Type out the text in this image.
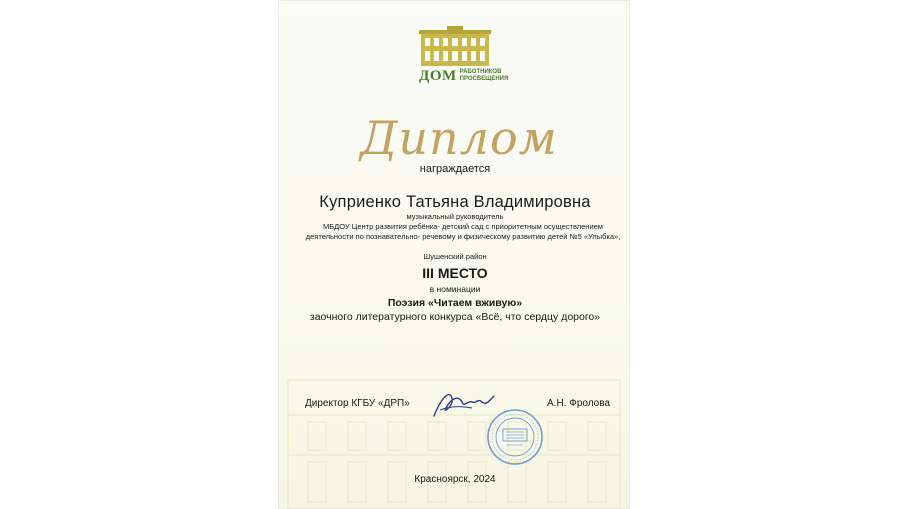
ДОМ РАБОТНИКОВ
ПРОСВЕЩЕНИЯ
Диплом
награждается
Куприенко Татьяна Владимировна
музыкальный руководитель
МБДОУ Центр развития ребёнка- детский сад с приоритетным осуществлением деятельности по познавательно- речевому и физическому развитию детей №5 «Улыбка»,
Шушенский район
III МЕСТО
в номинации
Поэзия «Читаем вживую»
заочного литературного конкурса «Всё, что сердцу дорого»
Директор КГБУ «ДРП»	А.Н. Фролова
Красноярск, 2024
